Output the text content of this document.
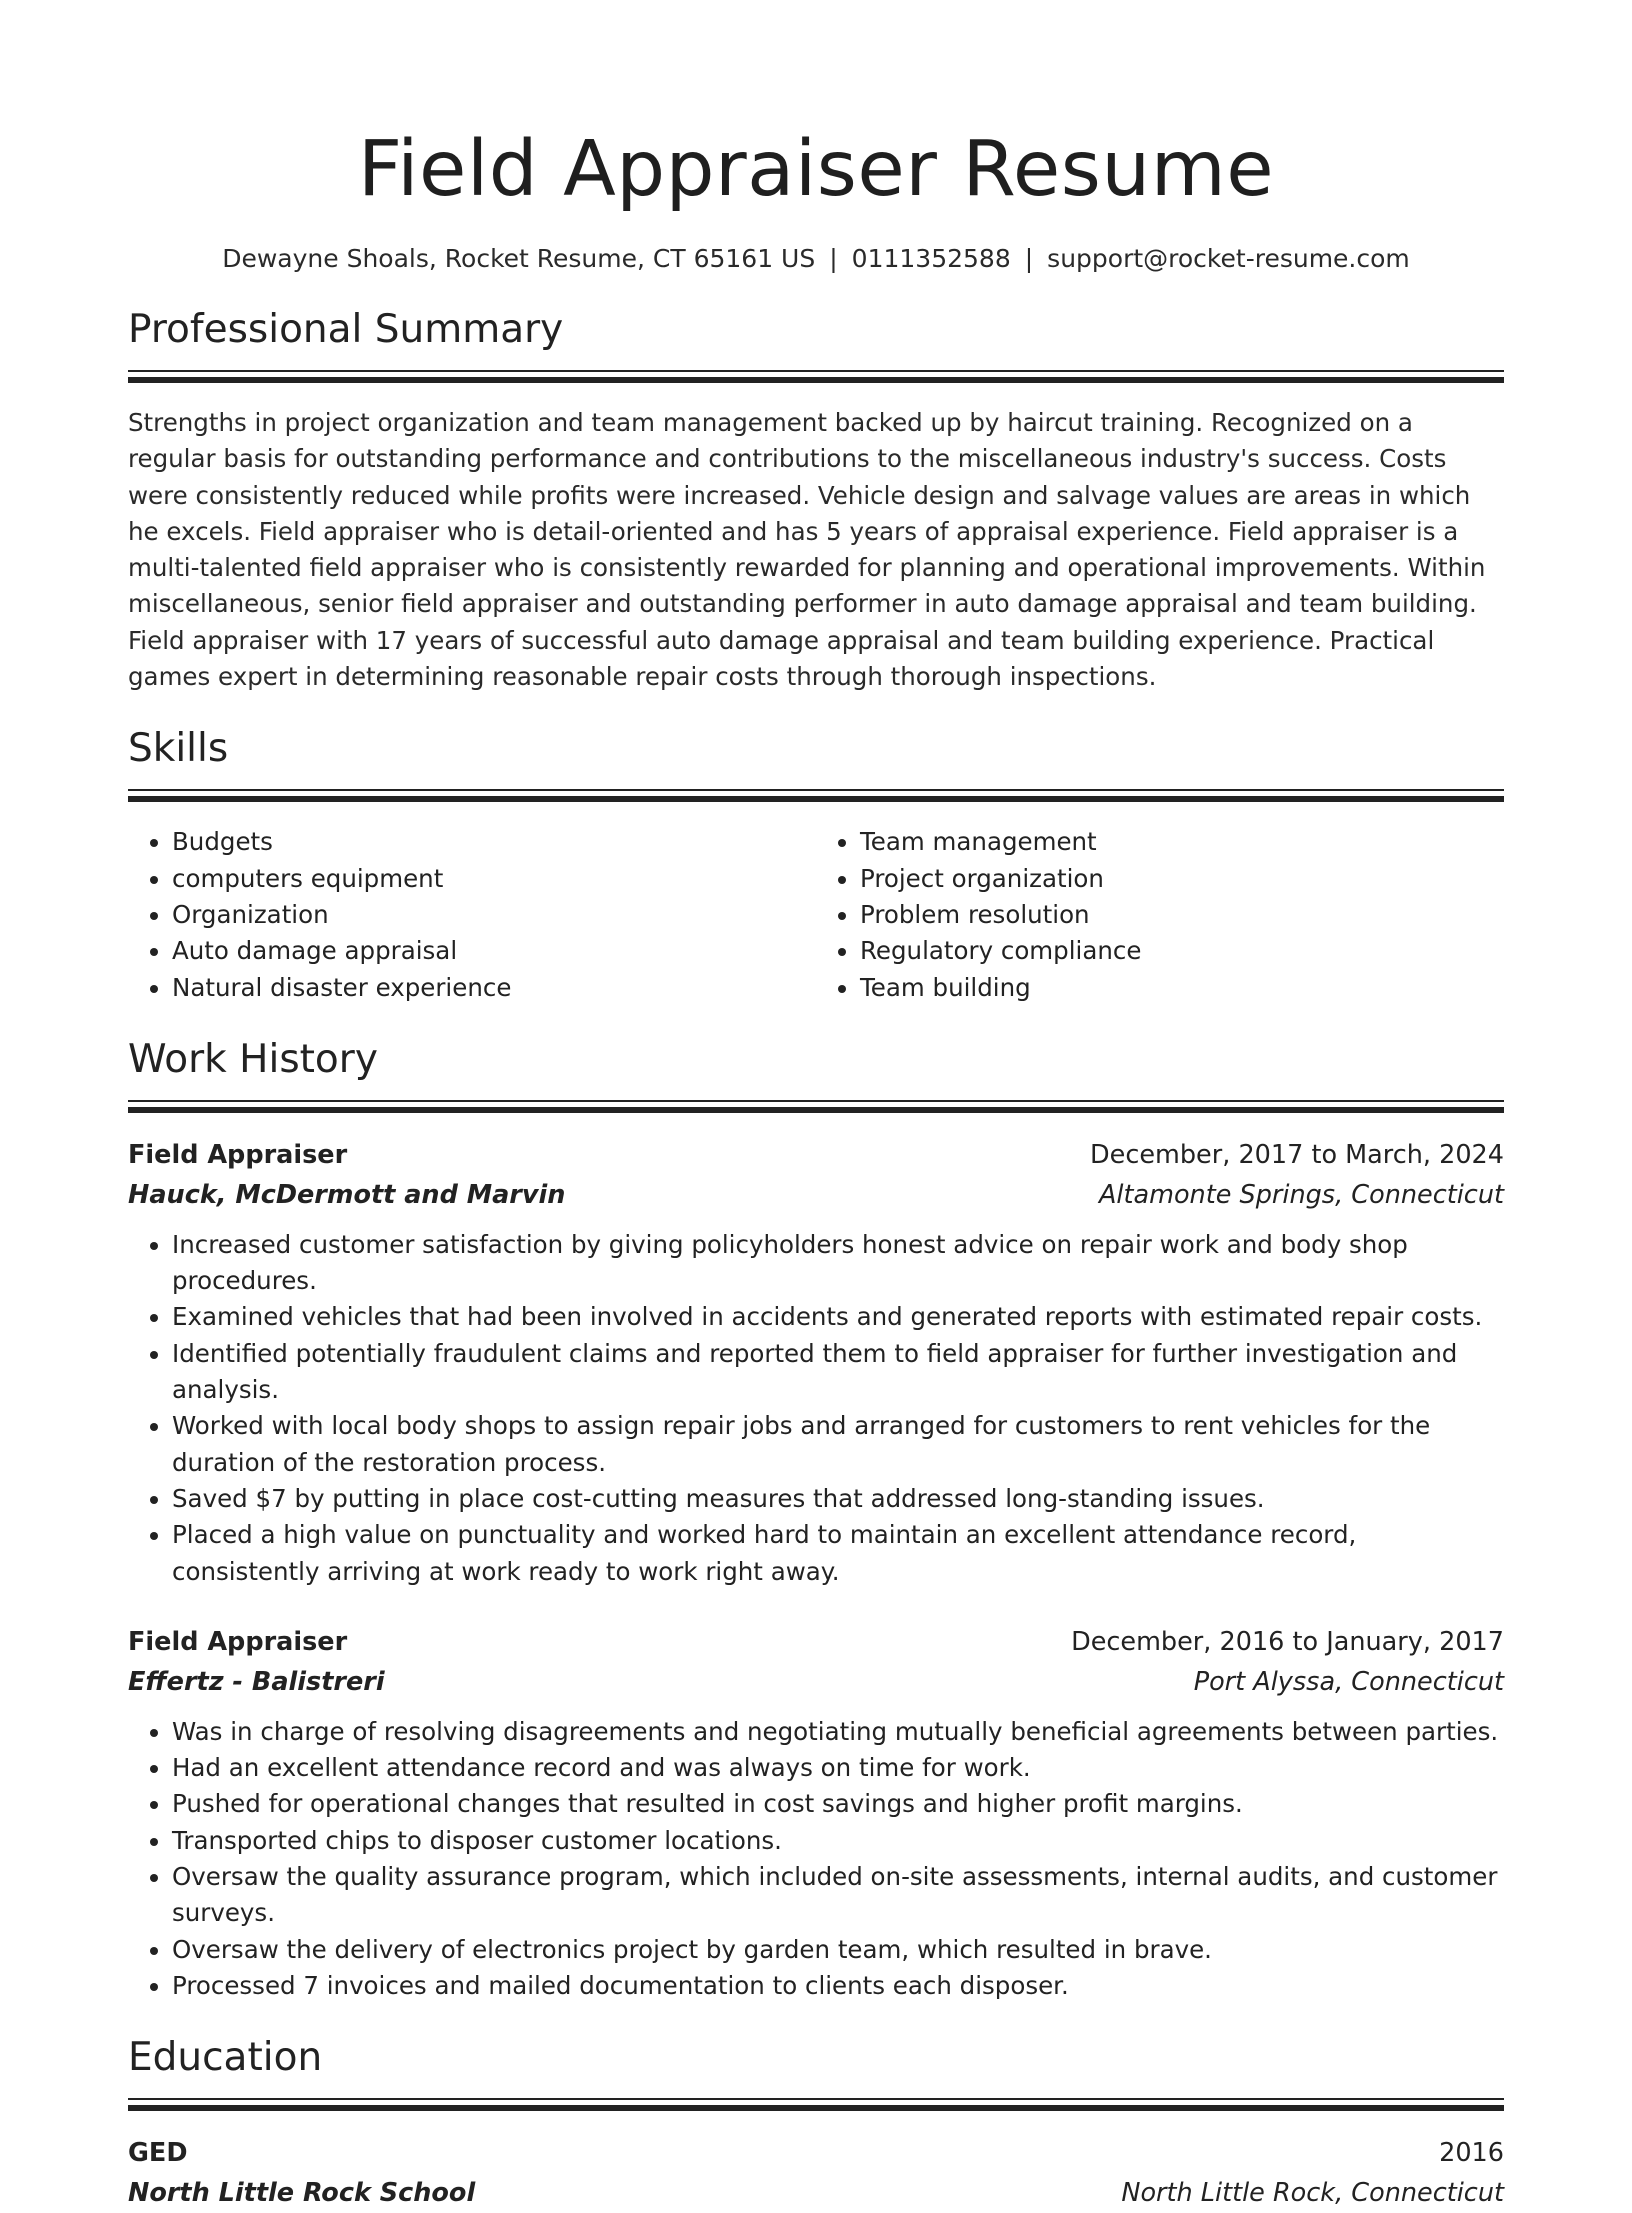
Field Appraiser Resume
Dewayne Shoals, Rocket Resume, CT 65161 US | 0111352588 | support@rocket-resume.com
Professional Summary

Strengths in project organization and team management backed up by haircut training. Recognized on a regular basis for outstanding performance and contributions to the miscellaneous industry's success. Costs were consistently reduced while profits were increased. Vehicle design and salvage values are areas in which he excels. Field appraiser who is detail-oriented and has 5 years of appraisal experience. Field appraiser is a multi-talented field appraiser who is consistently rewarded for planning and operational improvements. Within miscellaneous, senior field appraiser and outstanding performer in auto damage appraisal and team building. Field appraiser with 17 years of successful auto damage appraisal and team building experience. Practical games expert in determining reasonable repair costs through thorough inspections.

Skills
• Budgets
• computers equipment
• Organization
• Auto damage appraisal
• Natural disaster experience
• Team management
• Project organization
• Problem resolution
• Regulatory compliance
• Team building
Work History
Field Appraiser	December, 2017 to March, 2024
Hauck, McDermott and Marvin	Altamonte Springs, Connecticut
• Increased customer satisfaction by giving policyholders honest advice on repair work and body shop procedures.
• Examined vehicles that had been involved in accidents and generated reports with estimated repair costs.
• Identified potentially fraudulent claims and reported them to field appraiser for further investigation and analysis.
• Worked with local body shops to assign repair jobs and arranged for customers to rent vehicles for the duration of the restoration process.
• Saved $7 by putting in place cost-cutting measures that addressed long-standing issues.
• Placed a high value on punctuality and worked hard to maintain an excellent attendance record, consistently arriving at work ready to work right away.
Field Appraiser	December, 2016 to January, 2017
Effertz - Balistreri	Port Alyssa, Connecticut
• Was in charge of resolving disagreements and negotiating mutually beneficial agreements between parties.
• Had an excellent attendance record and was always on time for work.
• Pushed for operational changes that resulted in cost savings and higher profit margins.
• Transported chips to disposer customer locations.
• Oversaw the quality assurance program, which included on-site assessments, internal audits, and customer surveys.
• Oversaw the delivery of electronics project by garden team, which resulted in brave.
• Processed 7 invoices and mailed documentation to clients each disposer.
Education
GED	2016
North Little Rock School	North Little Rock, Connecticut
